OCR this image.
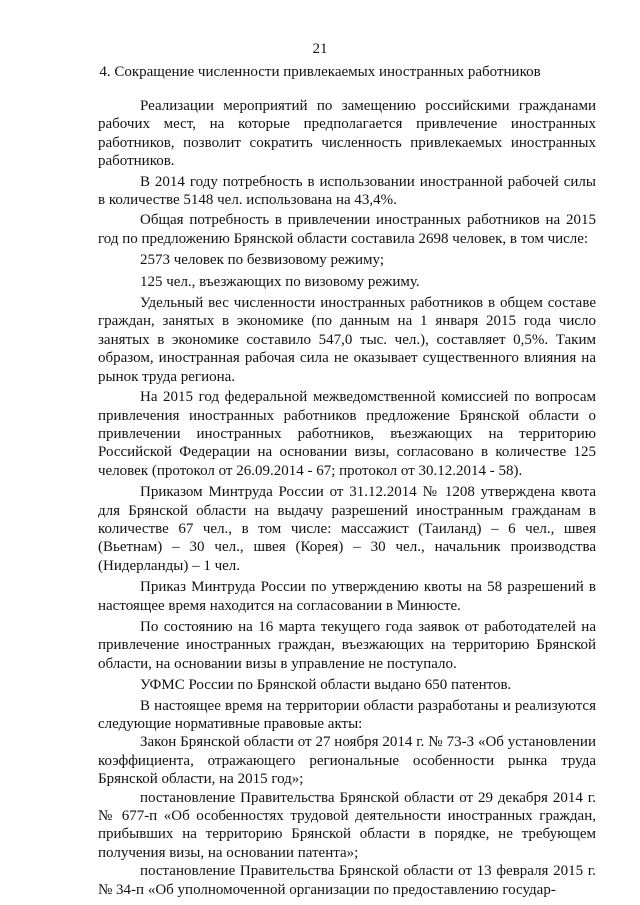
21
4. Сокращение численности привлекаемых иностранных работников

Реализации мероприятий по замещению российскими гражданами рабочих мест, на которые предполагается привлечение иностранных работников, позволит сократить численность привлекаемых иностранных работников.

В 2014 году потребность в использовании иностранной рабочей силы в количестве 5148 чел. использована на 43,4%.

Общая потребность в привлечении иностранных работников на 2015 год по предложению Брянской области составила 2698 человек, в том числе:

2573 человек по безвизовому режиму;

125 чел., въезжающих по визовому режиму.

Удельный вес численности иностранных работников в общем составе граждан, занятых в экономике (по данным на 1 января 2015 года число занятых в экономике составило 547,0 тыс. чел.), составляет 0,5%. Таким образом, иностранная рабочая сила не оказывает существенного влияния на рынок труда региона.

На 2015 год федеральной межведомственной комиссией по вопросам привлечения иностранных работников предложение Брянской области о привлечении иностранных работников, въезжающих на территорию Российской Федерации на основании визы, согласовано в количестве 125 человек (протокол от 26.09.2014 - 67; протокол от 30.12.2014 - 58).

Приказом Минтруда России от 31.12.2014 № 1208 утверждена квота для Брянской области на выдачу разрешений иностранным гражданам в количестве 67 чел., в том числе: массажист (Таиланд) – 6 чел., швея (Вьетнам) – 30 чел., швея (Корея) – 30 чел., начальник производства (Нидерланды) – 1 чел.

Приказ Минтруда России по утверждению квоты на 58 разрешений в настоящее время находится на согласовании в Минюсте.

По состоянию на 16 марта текущего года заявок от работодателей на привлечение иностранных граждан, въезжающих на территорию Брянской области, на основании визы в управление не поступало.

УФМС России по Брянской области выдано 650 патентов.

В настоящее время на территории области разработаны и реализуются следующие нормативные правовые акты:

Закон Брянской области от 27 ноября 2014 г. № 73-З «Об установлении коэффициента, отражающего региональные особенности рынка труда Брянской области, на 2015 год»;

постановление Правительства Брянской области от 29 декабря 2014 г. № 677-п «Об особенностях трудовой деятельности иностранных граждан, прибывших на территорию Брянской области в порядке, не требующем получения визы, на основании патента»;

постановление Правительства Брянской области от 13 февраля 2015 г. № 34-п «Об уполномоченной организации по предоставлению государ-
